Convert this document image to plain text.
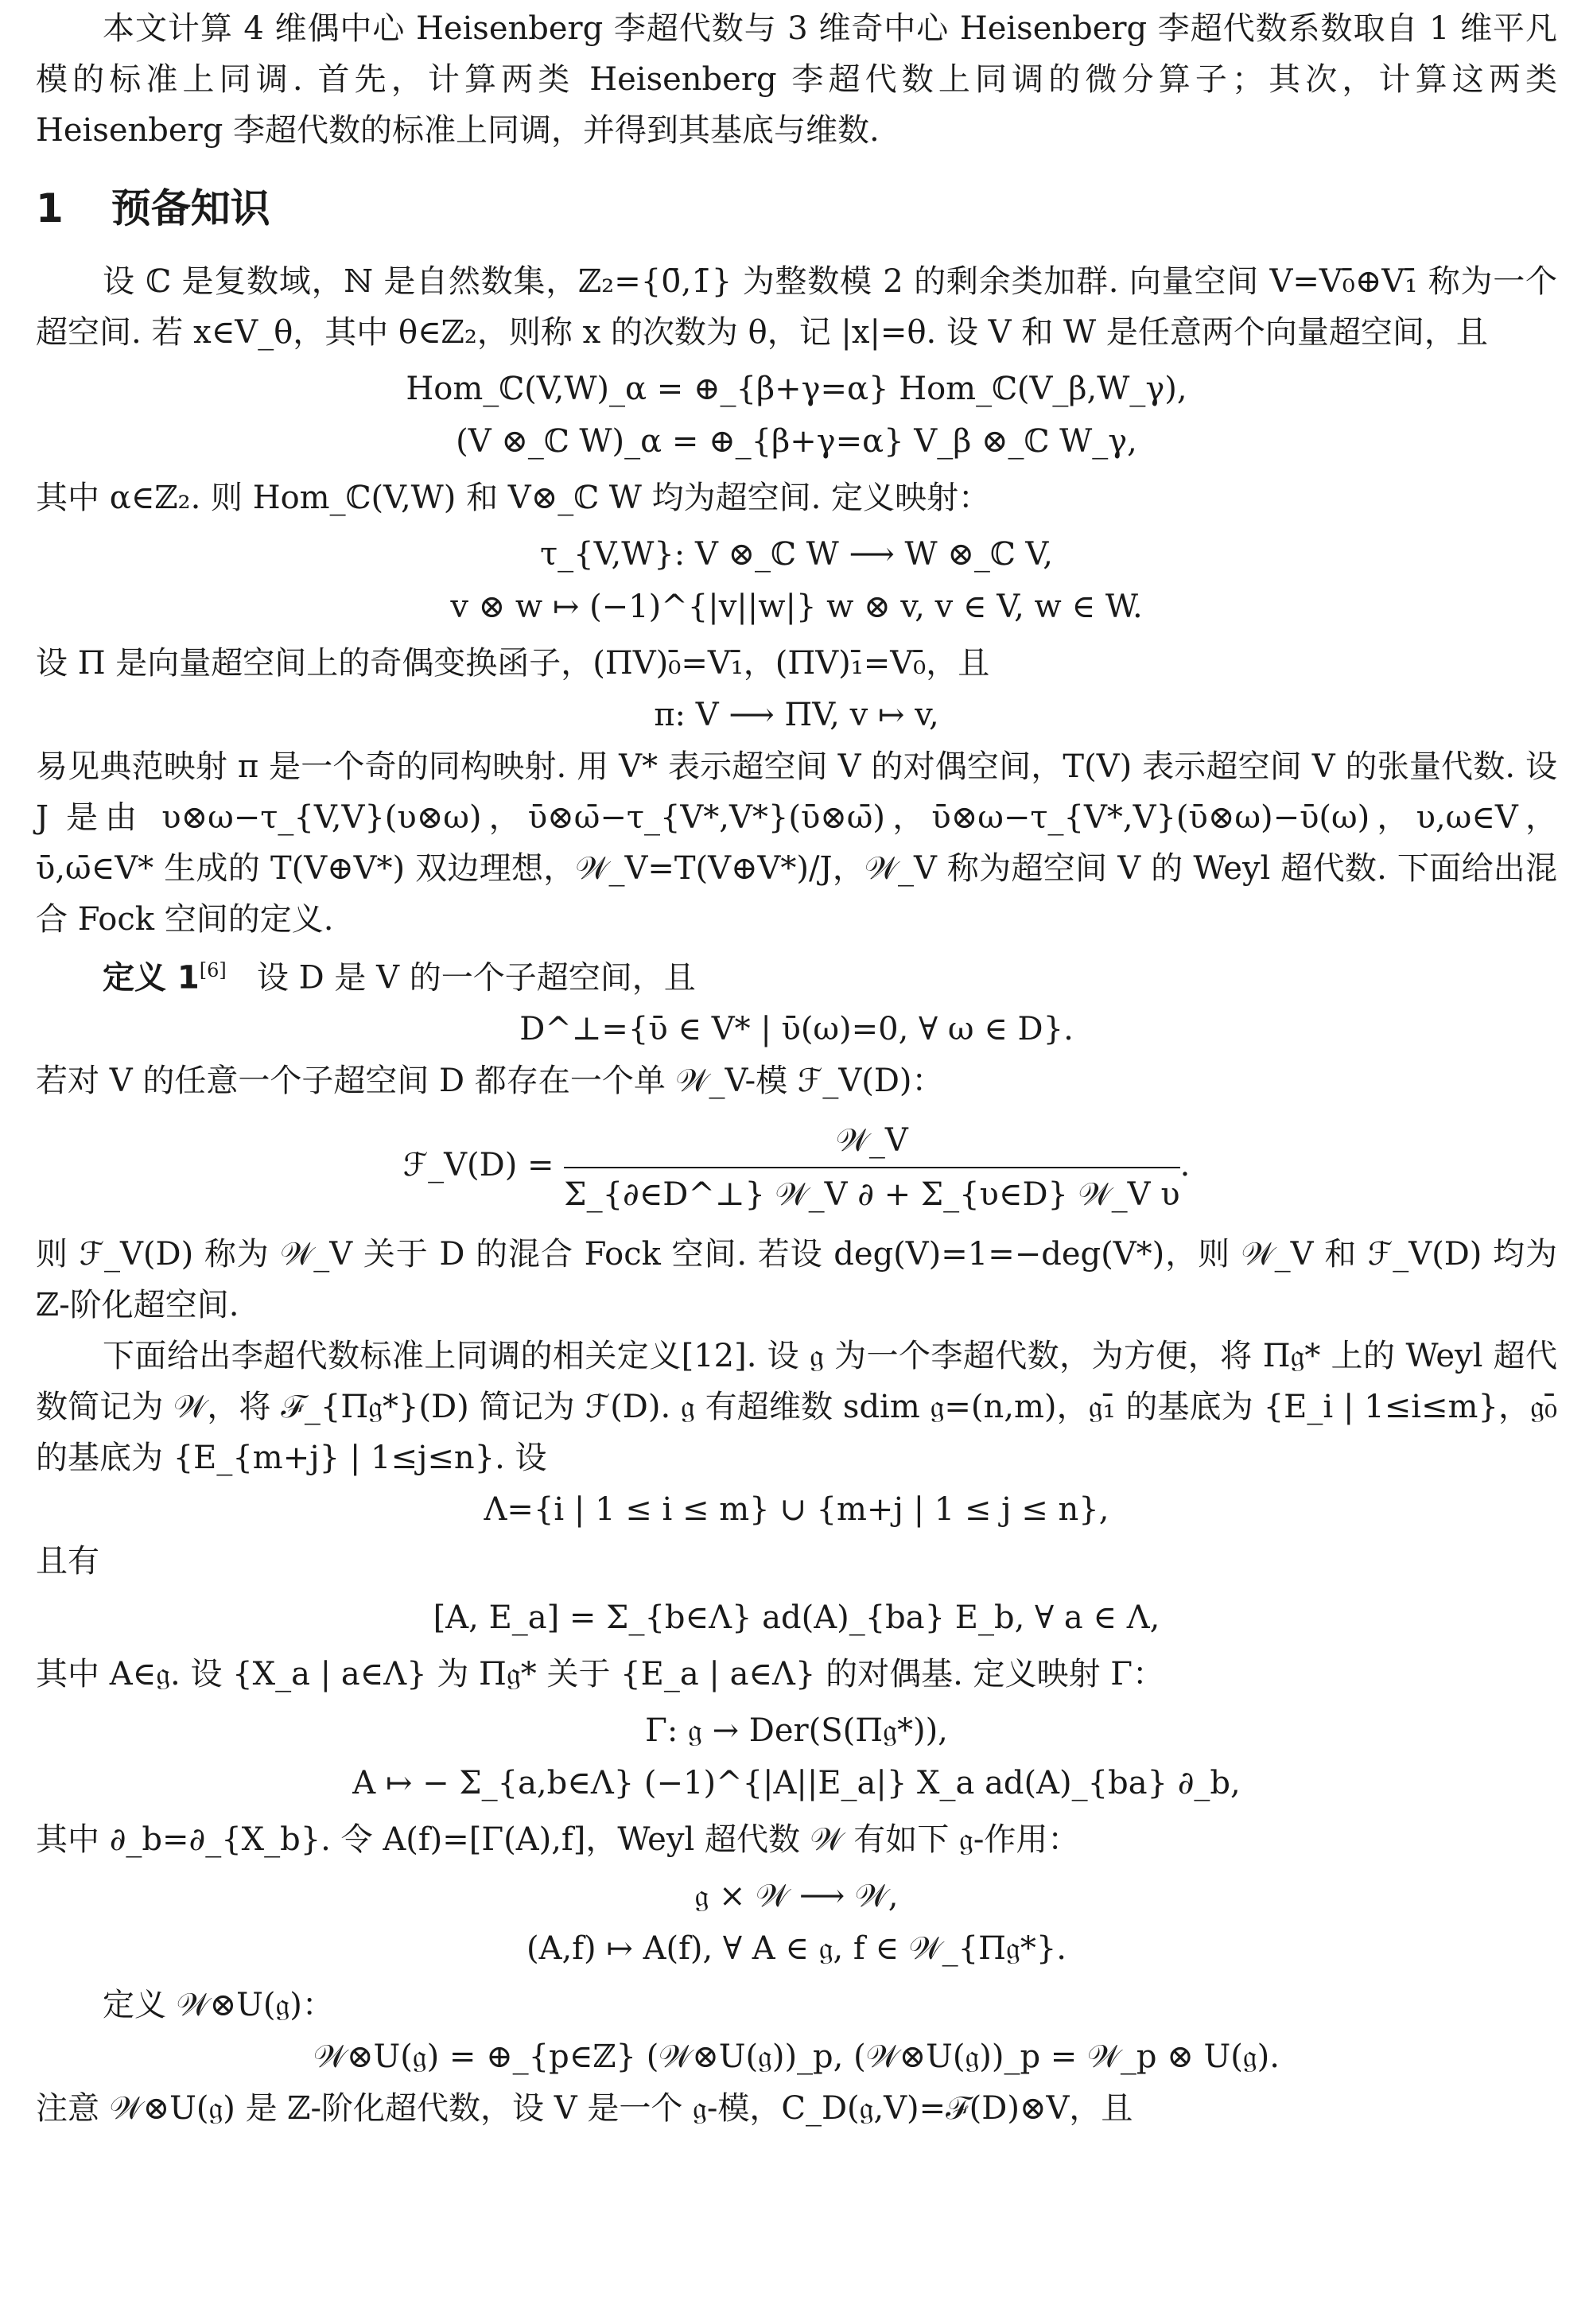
本文计算 4 维偶中心 Heisenberg 李超代数与 3 维奇中心 Heisenberg 李超代数系数取自 1 维平凡模的标准上同调. 首先，计算两类 Heisenberg 李超代数上同调的微分算子；其次，计算这两类 Heisenberg 李超代数的标准上同调，并得到其基底与维数.

1 预备知识

设 ℂ 是复数域，ℕ 是自然数集，ℤ₂={0̄,1̄} 为整数模 2 的剩余类加群. 向量空间 V=V₀̄⊕V₁̄ 称为一个超空间. 若 x∈V_θ，其中 θ∈ℤ₂，则称 x 的次数为 θ，记 |x|=θ. 设 V 和 W 是任意两个向量超空间，且

Hom_ℂ(V,W)_α = ⊕_{β+γ=α} Hom_ℂ(V_β,W_γ),

(V ⊗_ℂ W)_α = ⊕_{β+γ=α} V_β ⊗_ℂ W_γ,

其中 α∈ℤ₂. 则 Hom_ℂ(V,W) 和 V⊗_ℂ W 均为超空间. 定义映射：

τ_{V,W}: V ⊗_ℂ W ⟶ W ⊗_ℂ V,

v ⊗ w ↦ (−1)^{|v||w|} w ⊗ v, v ∈ V, w ∈ W.

设 Π 是向量超空间上的奇偶变换函子，(ΠV)₀̄=V₁̄，(ΠV)₁̄=V₀̄，且

π: V ⟶ ΠV, v ↦ v,

易见典范映射 π 是一个奇的同构映射. 用 V* 表示超空间 V 的对偶空间，T(V) 表示超空间 V 的张量代数. 设 J 是由 υ⊗ω−τ_{V,V}(υ⊗ω)，ῡ⊗ω̄−τ_{V*,V*}(ῡ⊗ω̄)，ῡ⊗ω−τ_{V*,V}(ῡ⊗ω)−ῡ(ω)，υ,ω∈V，ῡ,ω̄∈V* 生成的 T(V⊕V*) 双边理想，𝒲_V=T(V⊕V*)/J，𝒲_V 称为超空间 V 的 Weyl 超代数. 下面给出混合 Fock 空间的定义.

定义 1[6] 设 D 是 V 的一个子超空间，且

D^⊥={ῡ ∈ V* | ῡ(ω)=0, ∀ ω ∈ D}.

若对 V 的任意一个子超空间 D 都存在一个单 𝒲_V-模 ℱ_V(D)：

ℱ_V(D) = $\frac{\text{𝒲\_V}}{\text{Σ\_\{∂∈D\textasciicircum{}⊥\} 𝒲\_V ∂ + Σ\_\{υ∈D\} 𝒲\_V υ}}$ .

则 ℱ_V(D) 称为 𝒲_V 关于 D 的混合 Fock 空间. 若设 deg(V)=1=−deg(V*)，则 𝒲_V 和 ℱ_V(D) 均为 ℤ-阶化超空间.

下面给出李超代数标准上同调的相关定义[12]. 设 𝔤 为一个李超代数，为方便，将 Π𝔤* 上的 Weyl 超代数简记为 𝒲，将 ℱ_{Π𝔤*}(D) 简记为 ℱ(D). 𝔤 有超维数 sdim 𝔤=(n,m)，𝔤₁̄ 的基底为 {E_i | 1≤i≤m}，𝔤₀̄ 的基底为 {E_{m+j} | 1≤j≤n}. 设

Λ={i | 1 ≤ i ≤ m} ∪ {m+j | 1 ≤ j ≤ n},

且有

[A, E_a] = Σ_{b∈Λ} ad(A)_{ba} E_b, ∀ a ∈ Λ,

其中 A∈𝔤. 设 {X_a | a∈Λ} 为 Π𝔤* 关于 {E_a | a∈Λ} 的对偶基. 定义映射 Γ：

Γ: 𝔤 → Der(S(Π𝔤*)),

A ↦ − Σ_{a,b∈Λ} (−1)^{|A||E_a|} X_a ad(A)_{ba} ∂_b,

其中 ∂_b=∂_{X_b}. 令 A(f)=[Γ(A),f]，Weyl 超代数 𝒲 有如下 𝔤-作用：

𝔤 × 𝒲 ⟶ 𝒲,

(A,f) ↦ A(f), ∀ A ∈ 𝔤, f ∈ 𝒲_{Π𝔤*}.

定义 𝒲⊗U(𝔤)：

𝒲⊗U(𝔤) = ⊕_{p∈ℤ} (𝒲⊗U(𝔤))_p, (𝒲⊗U(𝔤))_p = 𝒲_p ⊗ U(𝔤).

注意 𝒲⊗U(𝔤) 是 ℤ-阶化超代数，设 V 是一个 𝔤-模，C_D(𝔤,V)=ℱ(D)⊗V，且
